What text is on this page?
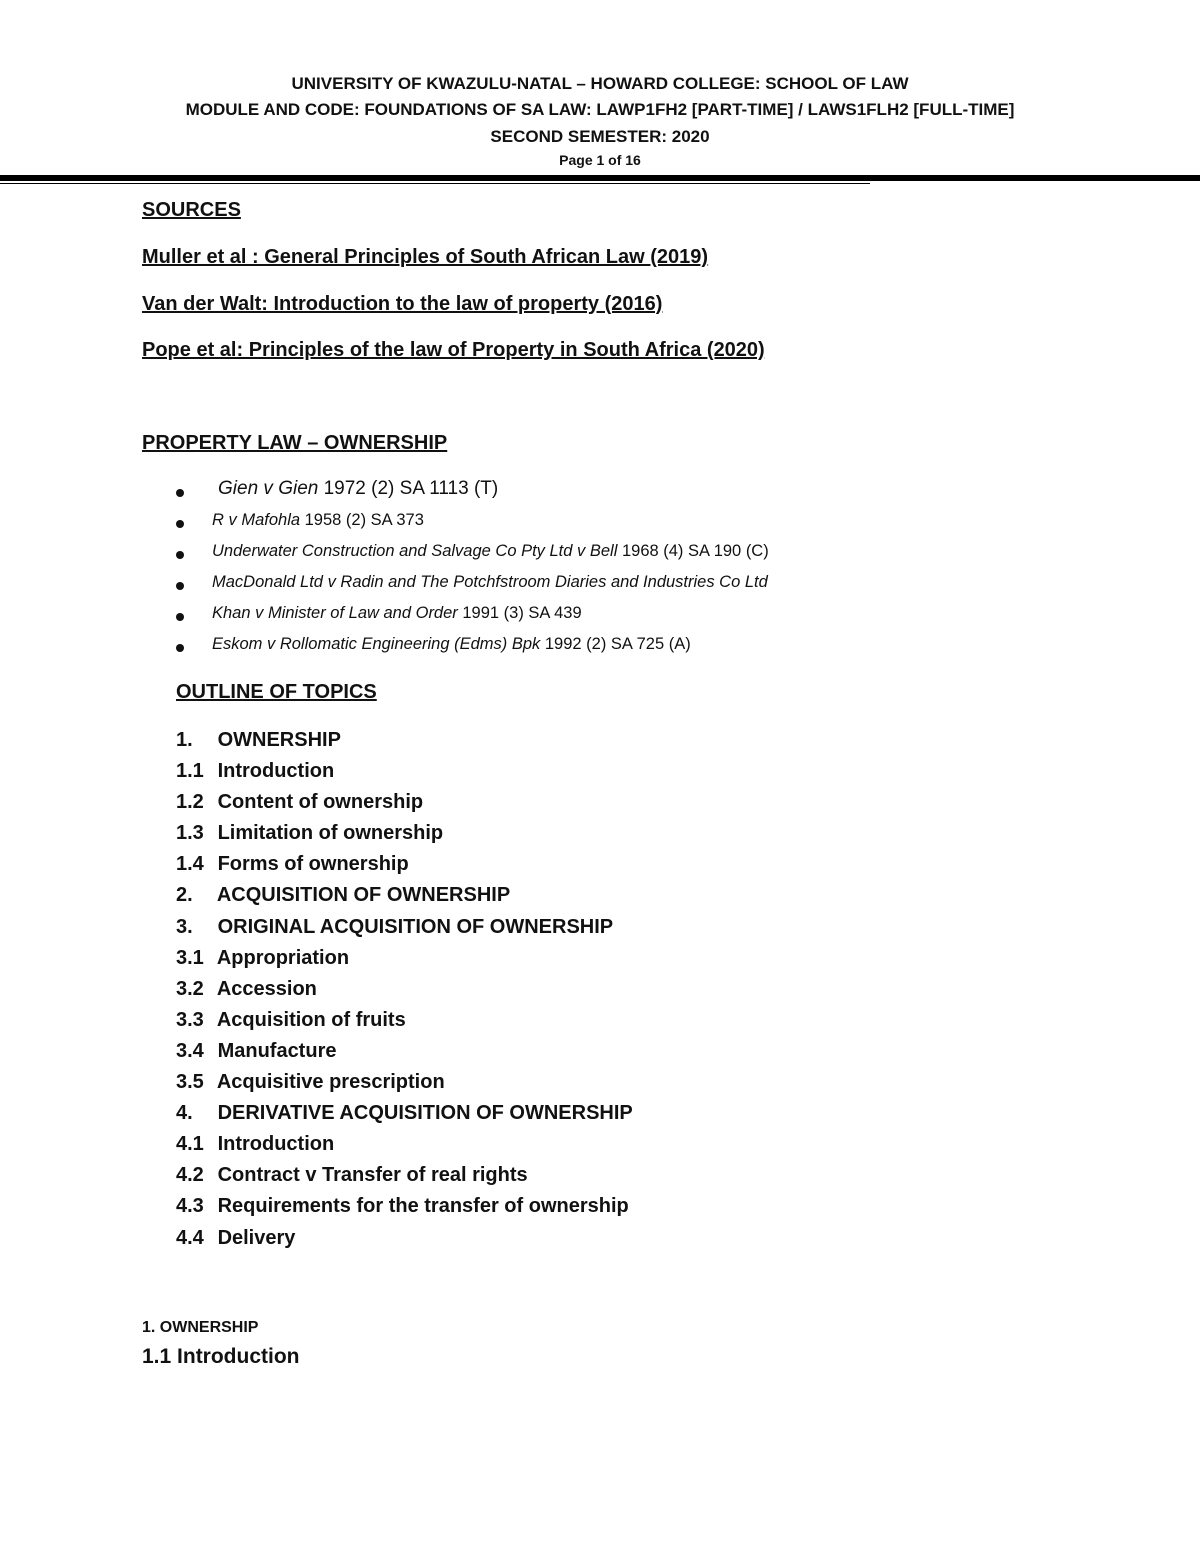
UNIVERSITY OF KWAZULU-NATAL – HOWARD COLLEGE: SCHOOL OF LAW
MODULE AND CODE: FOUNDATIONS OF SA LAW: LAWP1FH2 [PART-TIME] / LAWS1FLH2 [FULL-TIME]
SECOND SEMESTER: 2020
Page 1 of 16
SOURCES
Muller et al : General Principles of South African Law (2019)
Van der Walt: Introduction to the law of property (2016)
Pope et al: Principles of the law of Property in South Africa (2020)
PROPERTY LAW – OWNERSHIP
Gien v Gien 1972 (2) SA 1113 (T)
R v Mafohla 1958 (2) SA 373
Underwater Construction and Salvage Co Pty Ltd v Bell 1968 (4) SA 190 (C)
MacDonald Ltd v Radin and The Potchfstroom Diaries and Industries Co Ltd
Khan v Minister of Law and Order 1991 (3) SA 439
Eskom v Rollomatic Engineering (Edms) Bpk 1992 (2) SA 725 (A)
OUTLINE OF TOPICS
1. OWNERSHIP
1.1 Introduction
1.2 Content of ownership
1.3 Limitation of ownership
1.4 Forms of ownership
2. ACQUISITION OF OWNERSHIP
3. ORIGINAL ACQUISITION OF OWNERSHIP
3.1 Appropriation
3.2 Accession
3.3 Acquisition of fruits
3.4 Manufacture
3.5 Acquisitive prescription
4. DERIVATIVE ACQUISITION OF OWNERSHIP
4.1 Introduction
4.2 Contract v Transfer of real rights
4.3 Requirements for the transfer of ownership
4.4 Delivery
1. OWNERSHIP
1.1 Introduction
